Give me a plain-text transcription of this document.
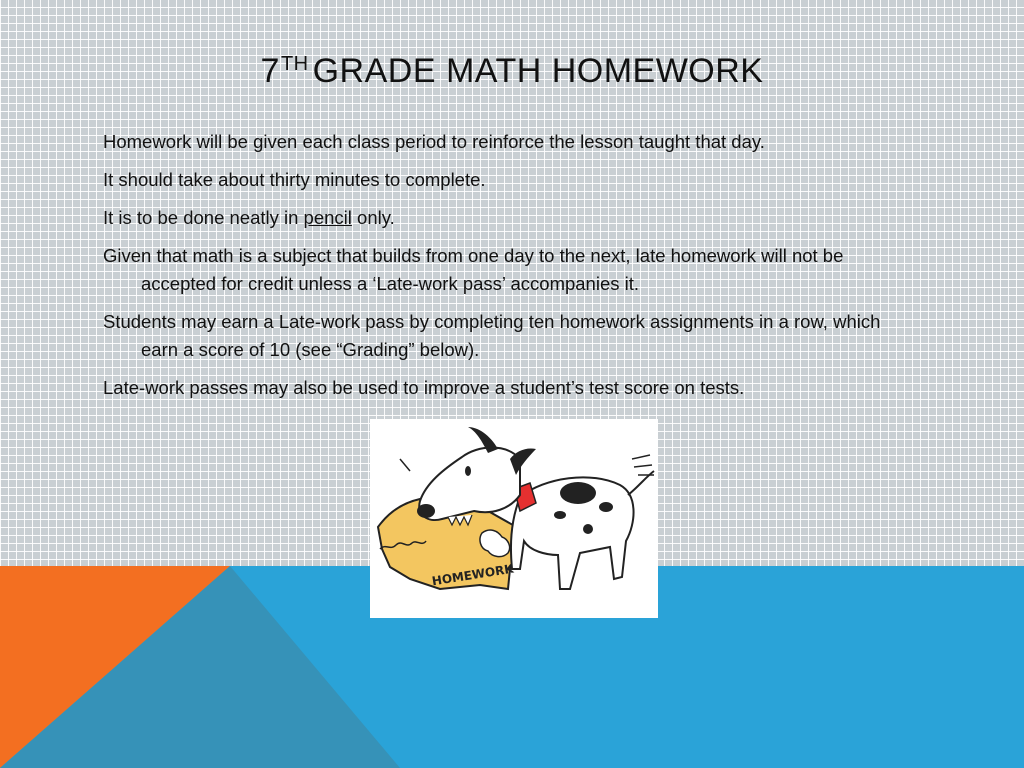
7TH GRADE MATH HOMEWORK
Homework will be given each class period to reinforce the lesson taught that day.
It should take about thirty minutes to complete.
It is to be done neatly in pencil only.
Given that math is a subject that builds from one day to the next, late homework will not be accepted for credit unless a ‘Late-work pass’ accompanies it.
Students may earn a Late-work pass by completing ten homework assignments in a row, which earn a score of 10 (see “Grading” below).
Late-work passes may also be used to improve a student’s test score on tests.
HOMEWORK
